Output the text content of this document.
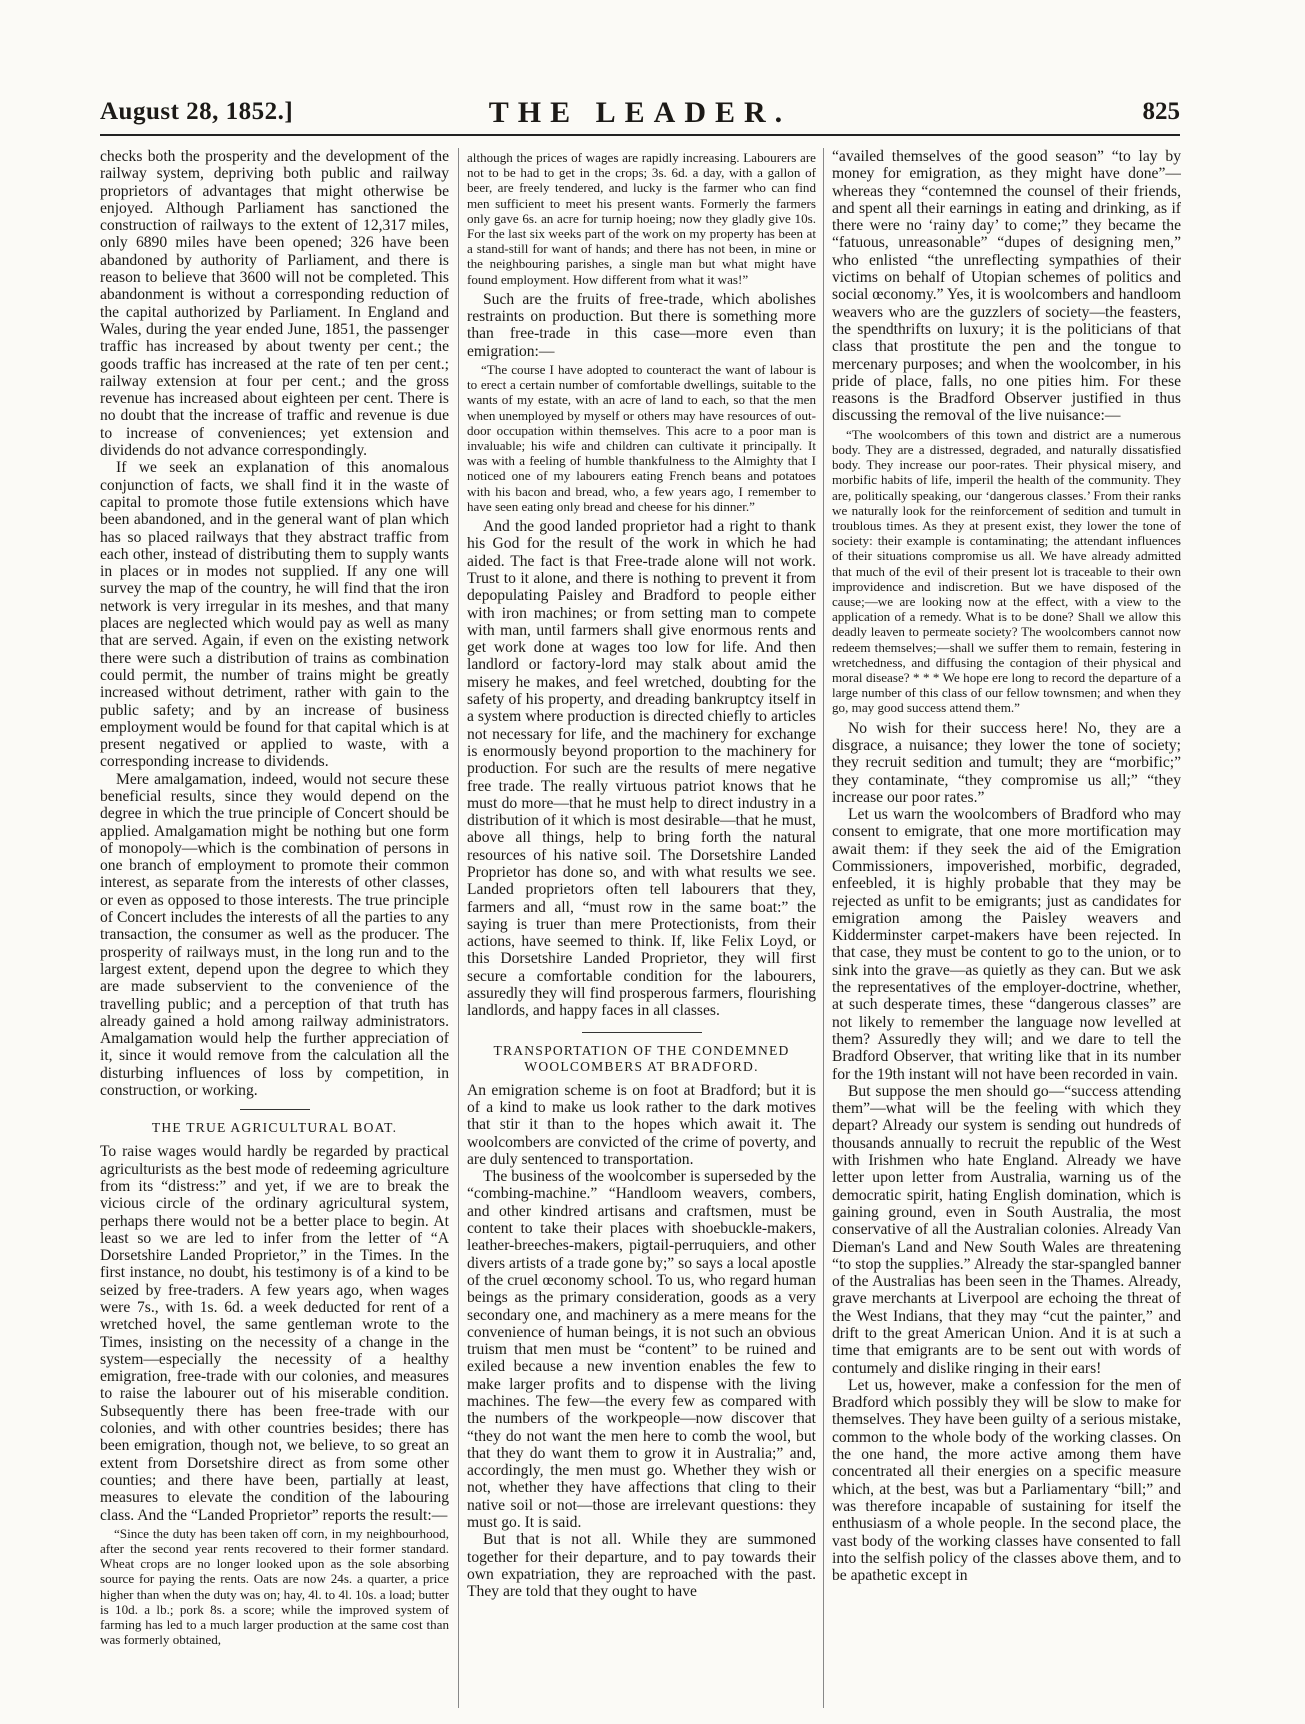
August 28, 1852.]	THE LEADER.	825

checks both the prosperity and the development of the railway system, depriving both public and railway proprietors of advantages that might otherwise be enjoyed. Although Parliament has sanctioned the construction of railways to the extent of 12,317 miles, only 6890 miles have been opened; 326 have been abandoned by authority of Parliament, and there is reason to believe that 3600 will not be completed. This abandonment is without a corresponding reduction of the capital authorized by Parliament. In England and Wales, during the year ended June, 1851, the passenger traffic has increased by about twenty per cent.; the goods traffic has increased at the rate of ten per cent.; railway extension at four per cent.; and the gross revenue has increased about eighteen per cent. There is no doubt that the increase of traffic and revenue is due to increase of conveniences; yet extension and dividends do not advance correspondingly.

If we seek an explanation of this anomalous conjunction of facts, we shall find it in the waste of capital to promote those futile extensions which have been abandoned, and in the general want of plan which has so placed railways that they abstract traffic from each other, instead of distributing them to supply wants in places or in modes not supplied. If any one will survey the map of the country, he will find that the iron network is very irregular in its meshes, and that many places are neglected which would pay as well as many that are served. Again, if even on the existing network there were such a distribution of trains as combination could permit, the number of trains might be greatly increased without detriment, rather with gain to the public safety; and by an increase of business employment would be found for that capital which is at present negatived or applied to waste, with a corresponding increase to dividends.

Mere amalgamation, indeed, would not secure these beneficial results, since they would depend on the degree in which the true principle of Concert should be applied. Amalgamation might be nothing but one form of monopoly—which is the combination of persons in one branch of employment to promote their common interest, as separate from the interests of other classes, or even as opposed to those interests. The true principle of Concert includes the interests of all the parties to any transaction, the consumer as well as the producer. The prosperity of railways must, in the long run and to the largest extent, depend upon the degree to which they are made subservient to the convenience of the travelling public; and a perception of that truth has already gained a hold among railway administrators. Amalgamation would help the further appreciation of it, since it would remove from the calculation all the disturbing influences of loss by competition, in construction, or working.

THE TRUE AGRICULTURAL BOAT.

To raise wages would hardly be regarded by practical agriculturists as the best mode of redeeming agriculture from its “distress:” and yet, if we are to break the vicious circle of the ordinary agricultural system, perhaps there would not be a better place to begin. At least so we are led to infer from the letter of “A Dorsetshire Landed Proprietor,” in the Times. In the first instance, no doubt, his testimony is of a kind to be seized by free-traders. A few years ago, when wages were 7s., with 1s. 6d. a week deducted for rent of a wretched hovel, the same gentleman wrote to the Times, insisting on the necessity of a change in the system—especially the necessity of a healthy emigration, free-trade with our colonies, and measures to raise the labourer out of his miserable condition. Subsequently there has been free-trade with our colonies, and with other countries besides; there has been emigration, though not, we believe, to so great an extent from Dorsetshire direct as from some other counties; and there have been, partially at least, measures to elevate the condition of the labouring class. And the “Landed Proprietor” reports the result:—

“Since the duty has been taken off corn, in my neighbourhood, after the second year rents recovered to their former standard. Wheat crops are no longer looked upon as the sole absorbing source for paying the rents. Oats are now 24s. a quarter, a price higher than when the duty was on; hay, 4l. to 4l. 10s. a load; butter is 10d. a lb.; pork 8s. a score; while the improved system of farming has led to a much larger production at the same cost than was formerly obtained,

although the prices of wages are rapidly increasing. Labourers are not to be had to get in the crops; 3s. 6d. a day, with a gallon of beer, are freely tendered, and lucky is the farmer who can find men sufficient to meet his present wants. Formerly the farmers only gave 6s. an acre for turnip hoeing; now they gladly give 10s. For the last six weeks part of the work on my property has been at a stand-still for want of hands; and there has not been, in mine or the neighbouring parishes, a single man but what might have found employment. How different from what it was!”

Such are the fruits of free-trade, which abolishes restraints on production. But there is something more than free-trade in this case—more even than emigration:—

“The course I have adopted to counteract the want of labour is to erect a certain number of comfortable dwellings, suitable to the wants of my estate, with an acre of land to each, so that the men when unemployed by myself or others may have resources of out-door occupation within themselves. This acre to a poor man is invaluable; his wife and children can cultivate it principally. It was with a feeling of humble thankfulness to the Almighty that I noticed one of my labourers eating French beans and potatoes with his bacon and bread, who, a few years ago, I remember to have seen eating only bread and cheese for his dinner.”

And the good landed proprietor had a right to thank his God for the result of the work in which he had aided. The fact is that Free-trade alone will not work. Trust to it alone, and there is nothing to prevent it from depopulating Paisley and Bradford to people either with iron machines; or from setting man to compete with man, until farmers shall give enormous rents and get work done at wages too low for life. And then landlord or factory-lord may stalk about amid the misery he makes, and feel wretched, doubting for the safety of his property, and dreading bankruptcy itself in a system where production is directed chiefly to articles not necessary for life, and the machinery for exchange is enormously beyond proportion to the machinery for production. For such are the results of mere negative free trade. The really virtuous patriot knows that he must do more—that he must help to direct industry in a distribution of it which is most desirable—that he must, above all things, help to bring forth the natural resources of his native soil. The Dorsetshire Landed Proprietor has done so, and with what results we see. Landed proprietors often tell labourers that they, farmers and all, “must row in the same boat:” the saying is truer than mere Protectionists, from their actions, have seemed to think. If, like Felix Loyd, or this Dorsetshire Landed Proprietor, they will first secure a comfortable condition for the labourers, assuredly they will find prosperous farmers, flourishing landlords, and happy faces in all classes.

TRANSPORTATION OF THE CONDEMNED WOOLCOMBERS AT BRADFORD.

An emigration scheme is on foot at Bradford; but it is of a kind to make us look rather to the dark motives that stir it than to the hopes which await it. The woolcombers are convicted of the crime of poverty, and are duly sentenced to transportation.

The business of the woolcomber is superseded by the “combing-machine.” “Handloom weavers, combers, and other kindred artisans and craftsmen, must be content to take their places with shoebuckle-makers, leather-breeches-makers, pigtail-perruquiers, and other divers artists of a trade gone by;” so says a local apostle of the cruel œconomy school. To us, who regard human beings as the primary consideration, goods as a very secondary one, and machinery as a mere means for the convenience of human beings, it is not such an obvious truism that men must be “content” to be ruined and exiled because a new invention enables the few to make larger profits and to dispense with the living machines. The few—the every few as compared with the numbers of the workpeople—now discover that “they do not want the men here to comb the wool, but that they do want them to grow it in Australia;” and, accordingly, the men must go. Whether they wish or not, whether they have affections that cling to their native soil or not—those are irrelevant questions: they must go. It is said.

But that is not all. While they are summoned together for their departure, and to pay towards their own expatriation, they are reproached with the past. They are told that they ought to have

“availed themselves of the good season” “to lay by money for emigration, as they might have done”—whereas they “contemned the counsel of their friends, and spent all their earnings in eating and drinking, as if there were no ‘rainy day’ to come;” they became the “fatuous, unreasonable” “dupes of designing men,” who enlisted “the unreflecting sympathies of their victims on behalf of Utopian schemes of politics and social œconomy.” Yes, it is woolcombers and handloom weavers who are the guzzlers of society—the feasters, the spendthrifts on luxury; it is the politicians of that class that prostitute the pen and the tongue to mercenary purposes; and when the woolcomber, in his pride of place, falls, no one pities him. For these reasons is the Bradford Observer justified in thus discussing the removal of the live nuisance:—

“The woolcombers of this town and district are a numerous body. They are a distressed, degraded, and naturally dissatisfied body. They increase our poor-rates. Their physical misery, and morbific habits of life, imperil the health of the community. They are, politically speaking, our ‘dangerous classes.’ From their ranks we naturally look for the reinforcement of sedition and tumult in troublous times. As they at present exist, they lower the tone of society: their example is contaminating; the attendant influences of their situations compromise us all. We have already admitted that much of the evil of their present lot is traceable to their own improvidence and indiscretion. But we have disposed of the cause;—we are looking now at the effect, with a view to the application of a remedy. What is to be done? Shall we allow this deadly leaven to permeate society? The woolcombers cannot now redeem themselves;—shall we suffer them to remain, festering in wretchedness, and diffusing the contagion of their physical and moral disease? * * * We hope ere long to record the departure of a large number of this class of our fellow townsmen; and when they go, may good success attend them.”

No wish for their success here! No, they are a disgrace, a nuisance; they lower the tone of society; they recruit sedition and tumult; they are “morbific;” they contaminate, “they compromise us all;” “they increase our poor rates.”

Let us warn the woolcombers of Bradford who may consent to emigrate, that one more mortification may await them: if they seek the aid of the Emigration Commissioners, impoverished, morbific, degraded, enfeebled, it is highly probable that they may be rejected as unfit to be emigrants; just as candidates for emigration among the Paisley weavers and Kidderminster carpet-makers have been rejected. In that case, they must be content to go to the union, or to sink into the grave—as quietly as they can. But we ask the representatives of the employer-doctrine, whether, at such desperate times, these “dangerous classes” are not likely to remember the language now levelled at them? Assuredly they will; and we dare to tell the Bradford Observer, that writing like that in its number for the 19th instant will not have been recorded in vain.

But suppose the men should go—“success attending them”—what will be the feeling with which they depart? Already our system is sending out hundreds of thousands annually to recruit the republic of the West with Irishmen who hate England. Already we have letter upon letter from Australia, warning us of the democratic spirit, hating English domination, which is gaining ground, even in South Australia, the most conservative of all the Australian colonies. Already Van Dieman's Land and New South Wales are threatening “to stop the supplies.” Already the star-spangled banner of the Australias has been seen in the Thames. Already, grave merchants at Liverpool are echoing the threat of the West Indians, that they may “cut the painter,” and drift to the great American Union. And it is at such a time that emigrants are to be sent out with words of contumely and dislike ringing in their ears!

Let us, however, make a confession for the men of Bradford which possibly they will be slow to make for themselves. They have been guilty of a serious mistake, common to the whole body of the working classes. On the one hand, the more active among them have concentrated all their energies on a specific measure which, at the best, was but a Parliamentary “bill;” and was therefore incapable of sustaining for itself the enthusiasm of a whole people. In the second place, the vast body of the working classes have consented to fall into the selfish policy of the classes above them, and to be apathetic except in
